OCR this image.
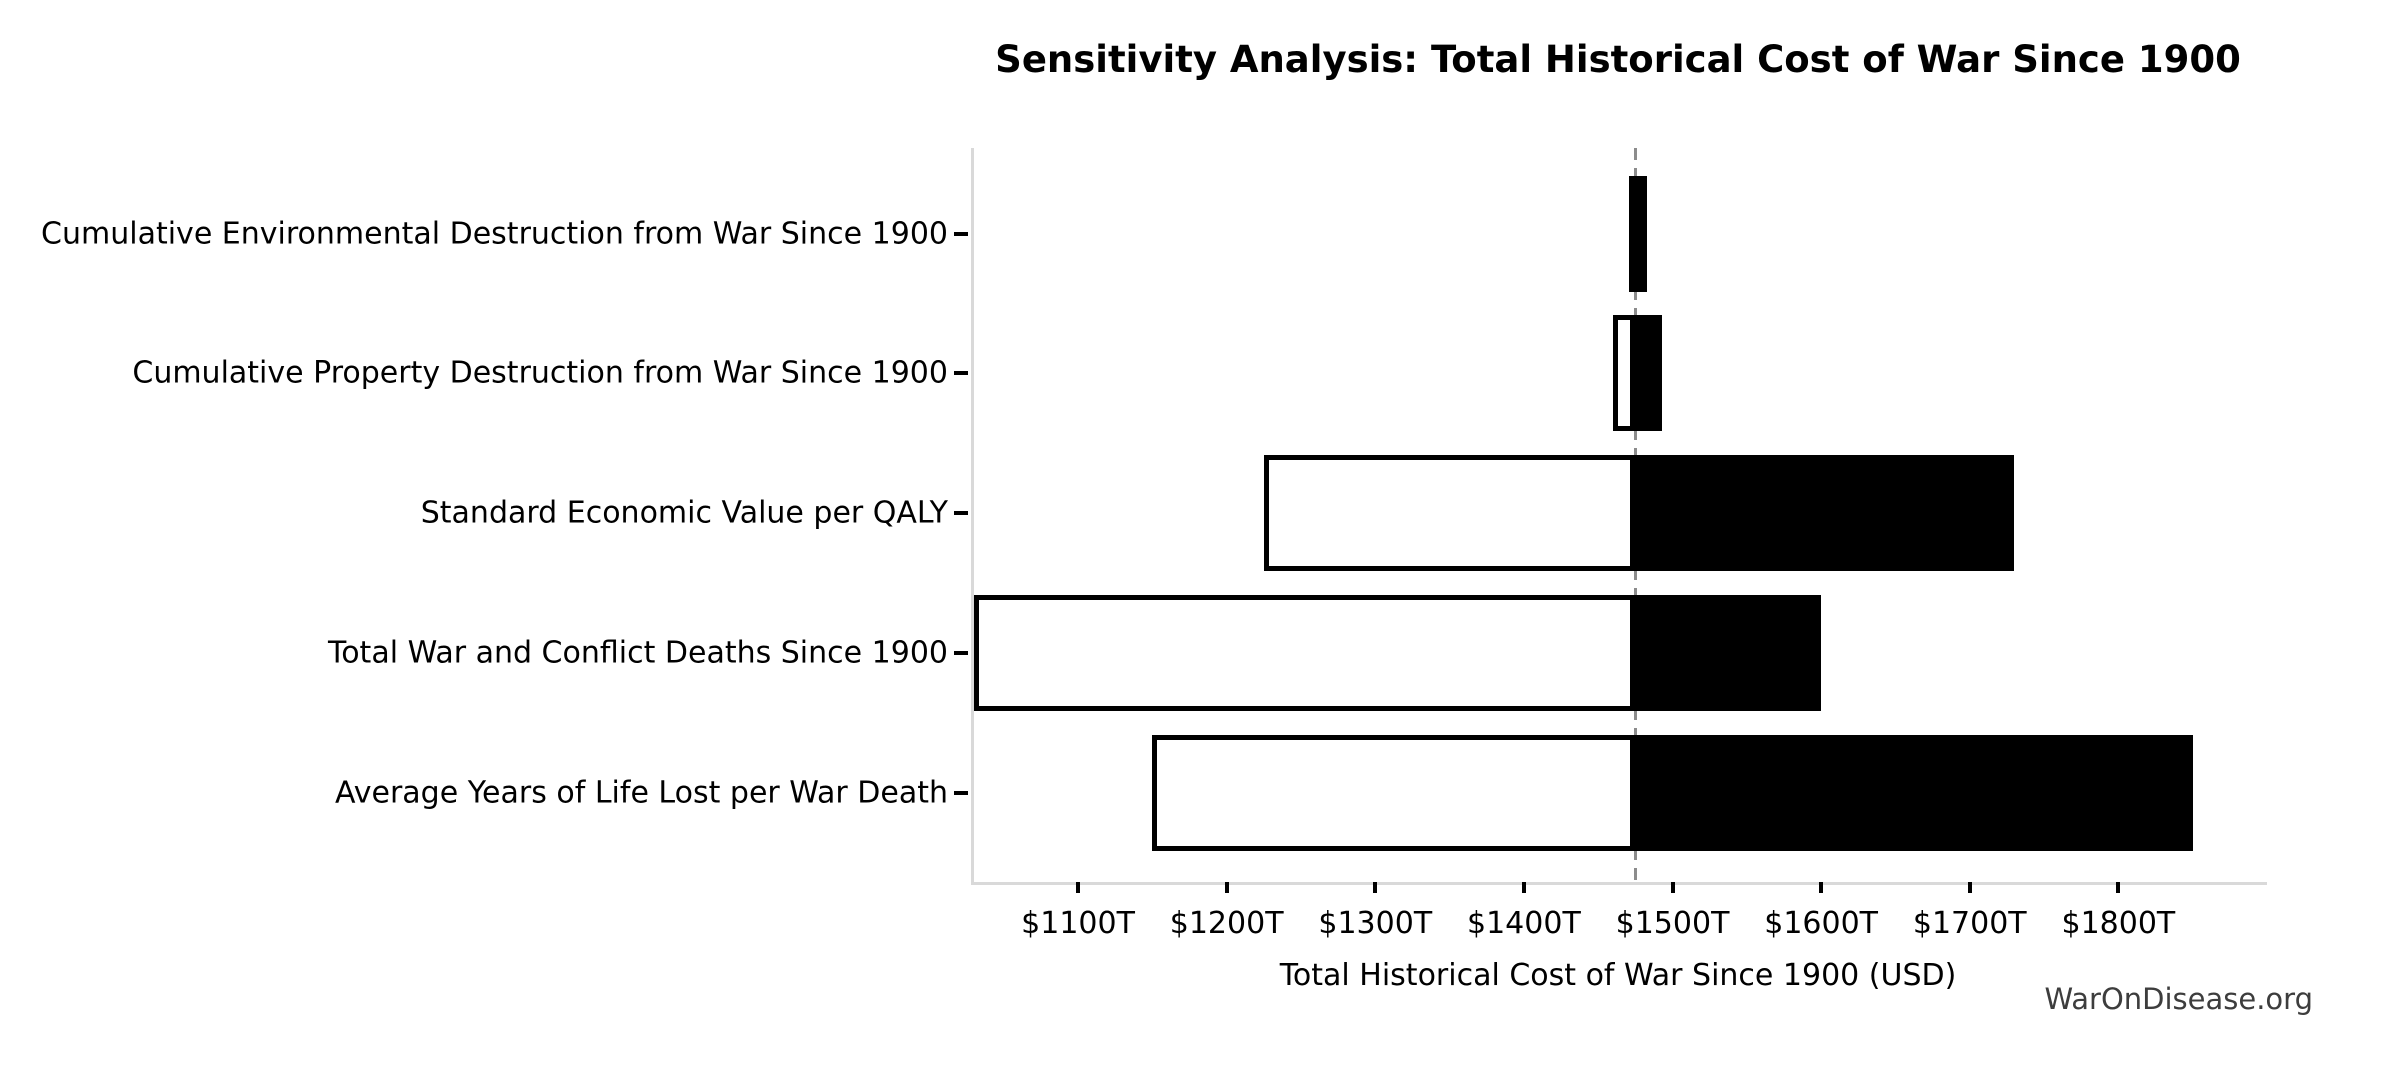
Sensitivity Analysis: Total Historical Cost of War Since 1900
$1100T $1200T $1300T $1400T $1500T $1600T $1700T $1800T
Total Historical Cost of War Since 1900 (USD)
WarOnDisease.org
Cumulative Environmental Destruction from War Since 1900
Cumulative Property Destruction from War Since 1900
Standard Economic Value per QALY
Total War and Conflict Deaths Since 1900
Average Years of Life Lost per War Death
